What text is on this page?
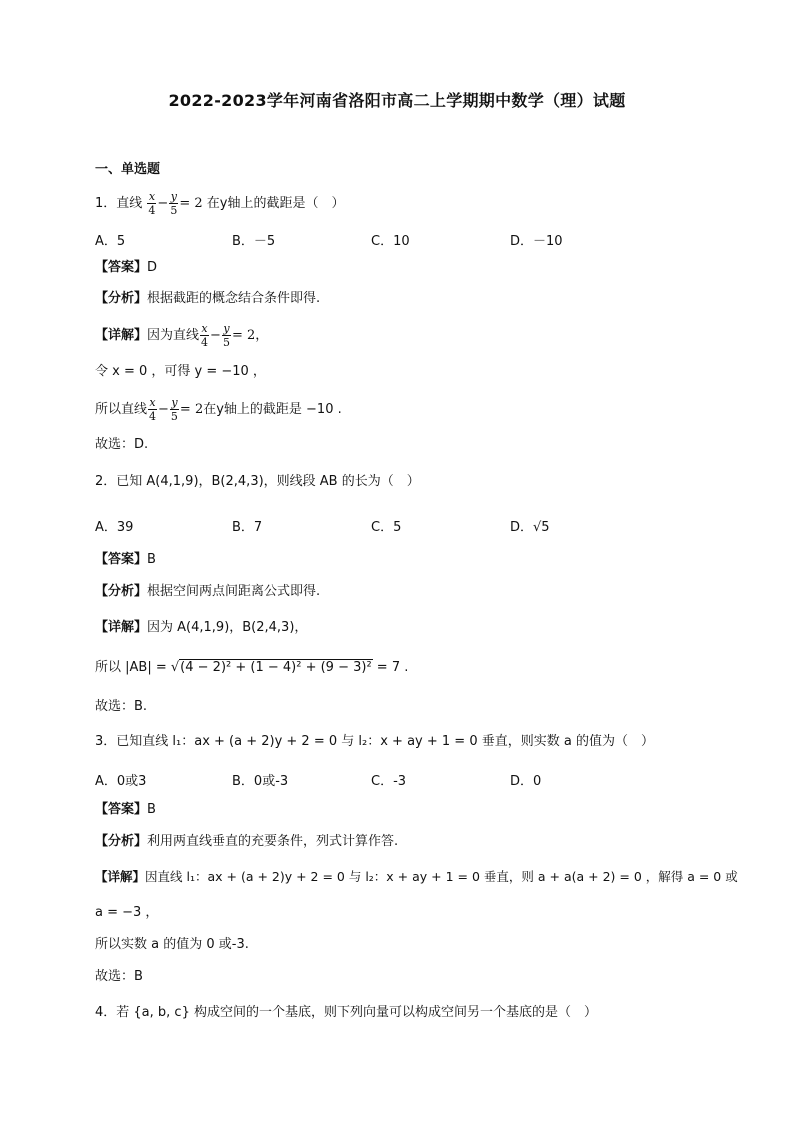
2022-2023学年河南省洛阳市高二上学期期中数学（理）试题
一、单选题
1．直线 $\frac{x}{4} - \frac{y}{5} = 2$ 在y轴上的截距是（　）
A．5	B．－5	C．10	D．－10
【答案】D
【分析】根据截距的概念结合条件即得.
【详解】因为直线 $\frac{x}{4} - \frac{y}{5} = 2$，
令 x = 0 ，可得 y = −10 ，
所以直线 $\frac{x}{4} - \frac{y}{5} = 2$在y轴上的截距是 −10 .
故选：D.
2．已知 A(4,1,9)，B(2,4,3)，则线段 AB 的长为（　）
A．39	B．7	C．5	D．√5
【答案】B
【分析】根据空间两点间距离公式即得.
【详解】因为 A(4,1,9)，B(2,4,3)，
所以 |AB| = √(4 − 2)² + (1 − 4)² + (9 − 3)² = 7 .
故选：B.
3．已知直线 l₁：ax + (a + 2)y + 2 = 0 与 l₂：x + ay + 1 = 0 垂直，则实数 a 的值为（　）
A．0或3	B．0或-3	C．-3	D．0
【答案】B
【分析】利用两直线垂直的充要条件，列式计算作答.
【详解】因直线 l₁：ax + (a + 2)y + 2 = 0 与 l₂：x + ay + 1 = 0 垂直，则 a + a(a + 2) = 0 ，解得 a = 0 或
a = −3 ，
所以实数 a 的值为 0 或-3.
故选：B
4．若 {a, b, c} 构成空间的一个基底，则下列向量可以构成空间另一个基底的是（　）
